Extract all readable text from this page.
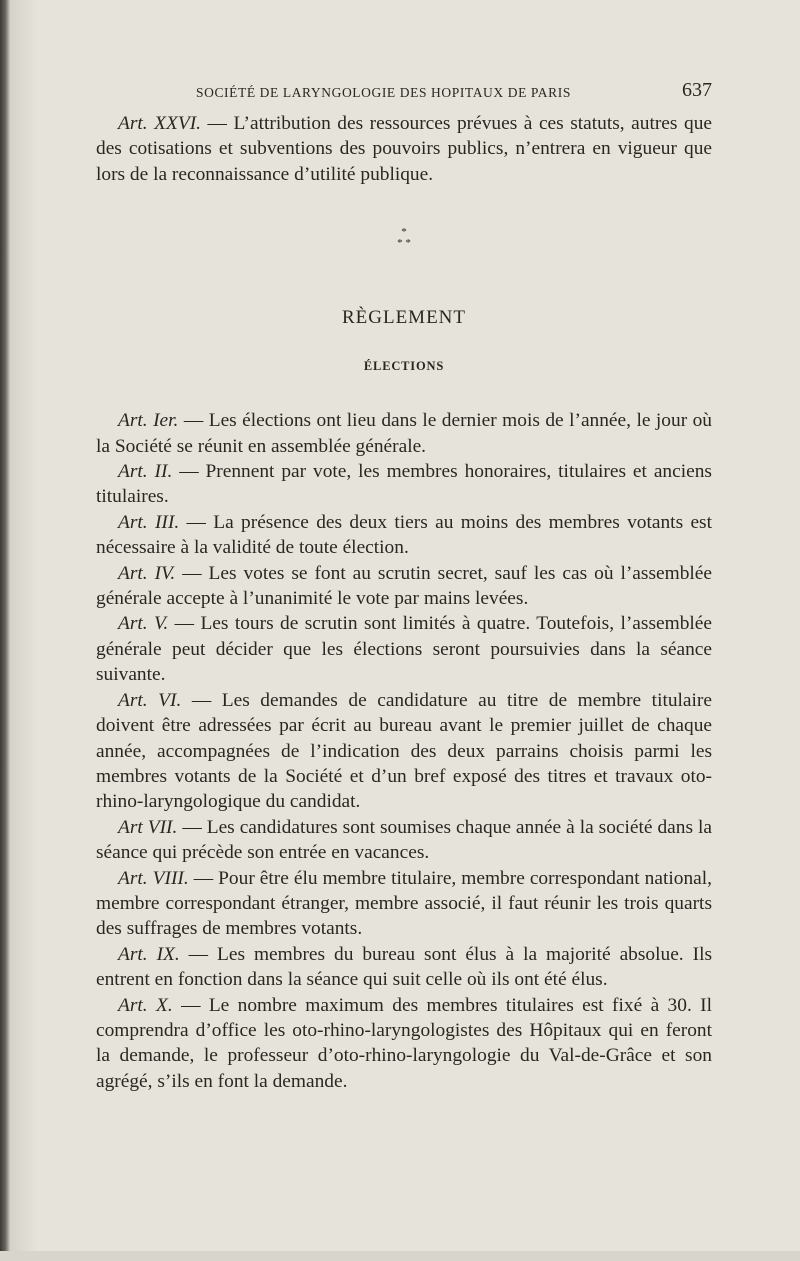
SOCIÉTÉ DE LARYNGOLOGIE DES HOPITAUX DE PARIS	637

Art. XXVI. — L’attribution des ressources prévues à ces statuts, autres que des cotisations et subventions des pouvoirs publics, n’entrera en vigueur que lors de la reconnaissance d’utilité publique.

*
* *
RÈGLEMENT
ÉLECTIONS

Art. Ier. — Les élections ont lieu dans le dernier mois de l’année, le jour où la Société se réunit en assemblée générale.

Art. II. — Prennent par vote, les membres honoraires, titulaires et anciens titulaires.

Art. III. — La présence des deux tiers au moins des membres votants est nécessaire à la validité de toute élection.

Art. IV. — Les votes se font au scrutin secret, sauf les cas où l’assemblée générale accepte à l’unanimité le vote par mains levées.

Art. V. — Les tours de scrutin sont limités à quatre. Toutefois, l’assemblée générale peut décider que les élections seront poursuivies dans la séance suivante.

Art. VI. — Les demandes de candidature au titre de membre titulaire doivent être adressées par écrit au bureau avant le premier juillet de chaque année, accompagnées de l’indication des deux parrains choisis parmi les membres votants de la Société et d’un bref exposé des titres et travaux oto-rhino-laryngologique du candidat.

Art VII. — Les candidatures sont soumises chaque année à la société dans la séance qui précède son entrée en vacances.

Art. VIII. — Pour être élu membre titulaire, membre correspondant national, membre correspondant étranger, membre associé, il faut réunir les trois quarts des suffrages de membres votants.

Art. IX. — Les membres du bureau sont élus à la majorité absolue. Ils entrent en fonction dans la séance qui suit celle où ils ont été élus.

Art. X. — Le nombre maximum des membres titulaires est fixé à 30. Il comprendra d’office les oto-rhino-laryngologistes des Hôpitaux qui en feront la demande, le professeur d’oto-rhino-laryngologie du Val-de-Grâce et son agrégé, s’ils en font la demande.
